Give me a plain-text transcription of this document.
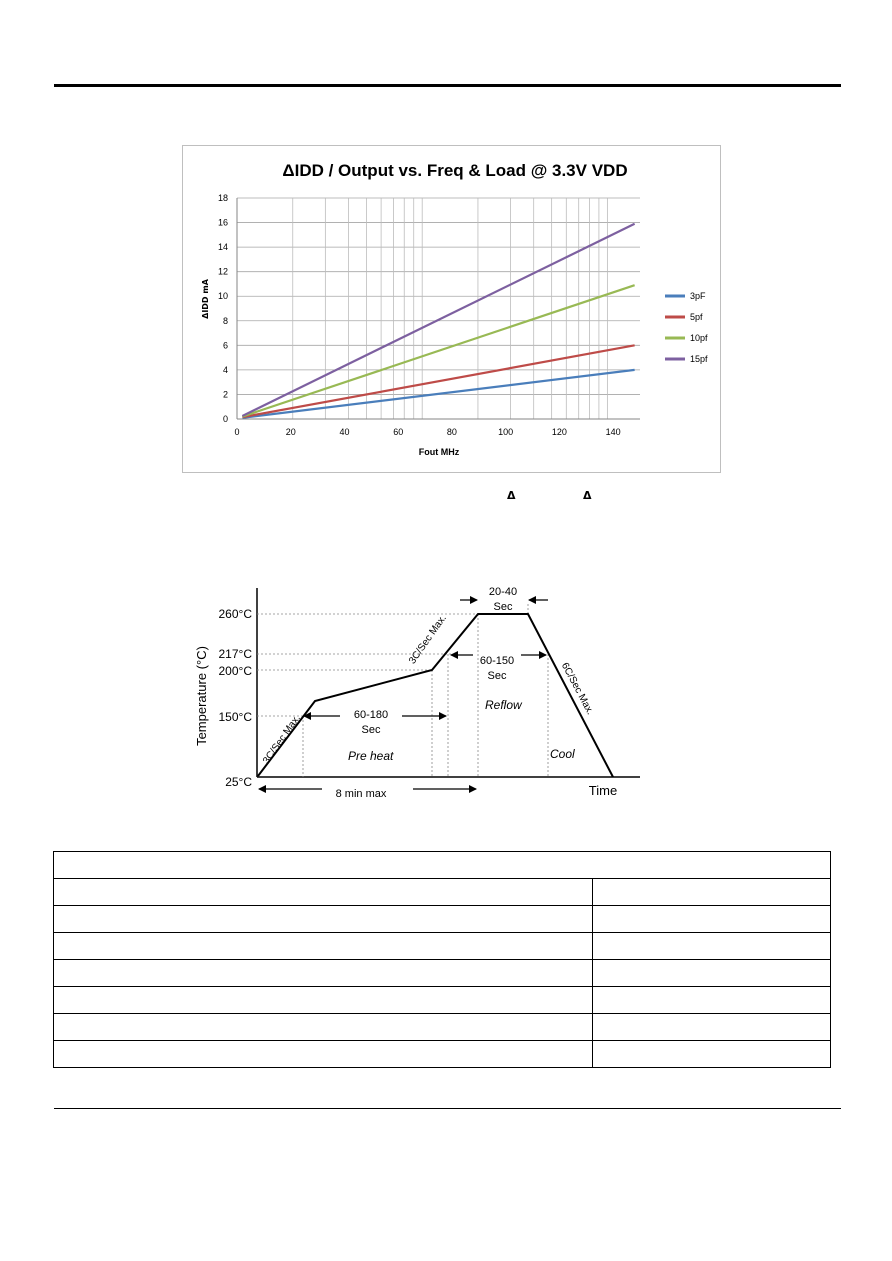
ΔIDD / Output vs. Freq & Load @ 3.3V VDD
0
2
4
6
8
10
12
14
16
18
0	20	40	60	80	100	120	140
3pF
5pf
10pf
15pf
Fout MHz
ΔIDD mA
Δ	Δ
260°C
217°C
200°C
150°C
25°C
Temperature (°C)
Time
3C/Sec Max.
3C/Sec Max.
6C/Sec Max.
60-180
Sec
60-150
Sec
20-40
Sec
8 min max
Pre heat
Reflow
Cool
